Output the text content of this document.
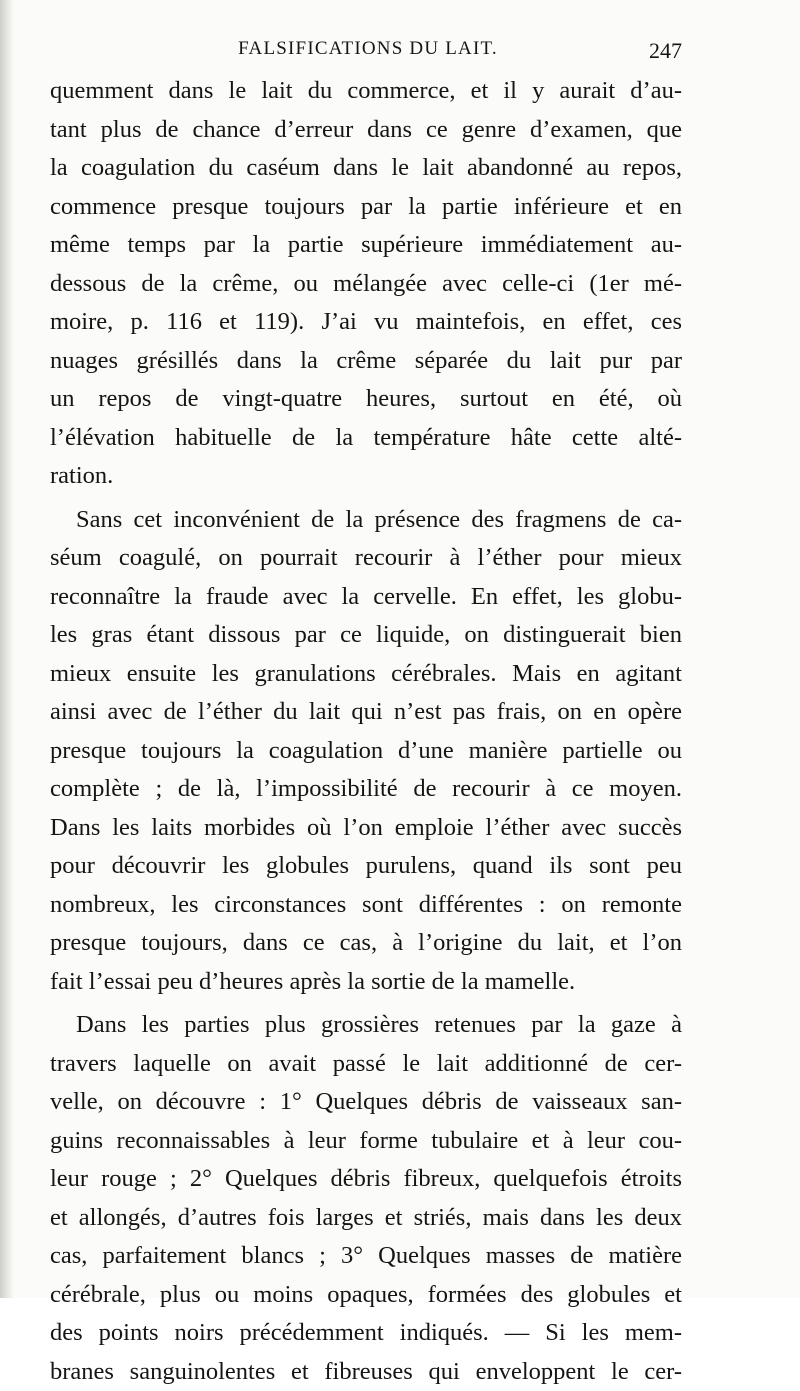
FALSIFICATIONS DU LAIT.	247
quemment dans le lait du commerce, et il y aurait d’au-
tant plus de chance d’erreur dans ce genre d’examen, que
la coagulation du caséum dans le lait abandonné au repos,
commence presque toujours par la partie inférieure et en
même temps par la partie supérieure immédiatement au-
dessous de la crême, ou mélangée avec celle-ci (1er mé-
moire, p. 116 et 119). J’ai vu maintefois, en effet, ces
nuages grésillés dans la crême séparée du lait pur par
un repos de vingt-quatre heures, surtout en été, où
l’élévation habituelle de la température hâte cette alté-
ration.
Sans cet inconvénient de la présence des fragmens de ca-
séum coagulé, on pourrait recourir à l’éther pour mieux
reconnaître la fraude avec la cervelle. En effet, les globu-
les gras étant dissous par ce liquide, on distinguerait bien
mieux ensuite les granulations cérébrales. Mais en agitant
ainsi avec de l’éther du lait qui n’est pas frais, on en opère
presque toujours la coagulation d’une manière partielle ou
complète ; de là, l’impossibilité de recourir à ce moyen.
Dans les laits morbides où l’on emploie l’éther avec succès
pour découvrir les globules purulens, quand ils sont peu
nombreux, les circonstances sont différentes : on remonte
presque toujours, dans ce cas, à l’origine du lait, et l’on
fait l’essai peu d’heures après la sortie de la mamelle.
Dans les parties plus grossières retenues par la gaze à
travers laquelle on avait passé le lait additionné de cer-
velle, on découvre : 1° Quelques débris de vaisseaux san-
guins reconnaissables à leur forme tubulaire et à leur cou-
leur rouge ; 2° Quelques débris fibreux, quelquefois étroits
et allongés, d’autres fois larges et striés, mais dans les deux
cas, parfaitement blancs ; 3° Quelques masses de matière
cérébrale, plus ou moins opaques, formées des globules et
des points noirs précédemment indiqués. — Si les mem-
branes sanguinolentes et fibreuses qui enveloppent le cer-
